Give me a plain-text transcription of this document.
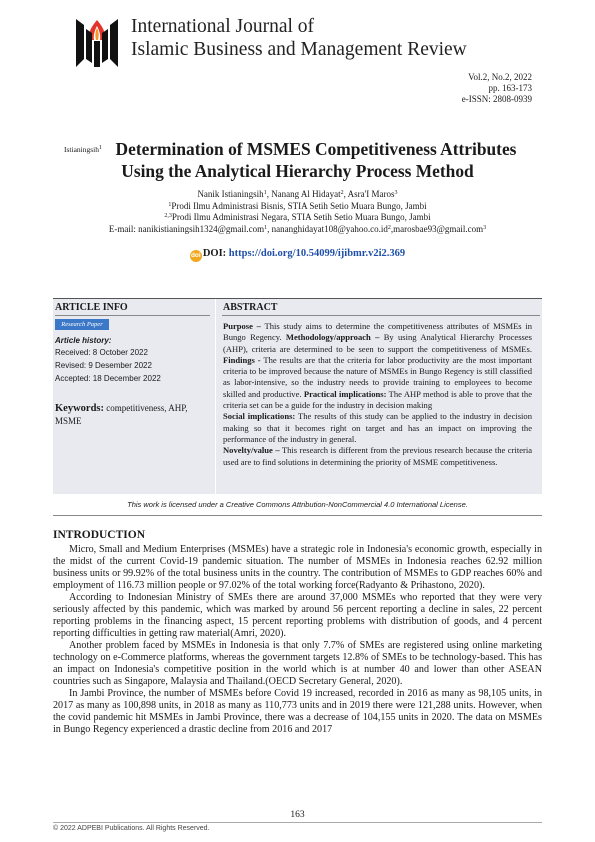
International Journal of
Islamic Business and Management Review
Vol.2, No.2, 2022
pp. 163-173
e-ISSN: 2808-0939
Istianingsih$^1$ Determination of MSMES Competitiveness Attributes
Using the Analytical Hierarchy Process Method
Nanik Istianingsih$^1$, Nanang Al Hidayat$^2$, Asra'I Maros$^3$
$^1$Prodi Ilmu Administrasi Bisnis, STIA Setih Setio Muara Bungo, Jambi
$^{2,3}$Prodi Ilmu Administrasi Negara, STIA Setih Setio Muara Bungo, Jambi
E-mail: nanikistianingsih1324@gmail.com$^1$, $nananghidayat108@yahoo.co.id^2,marosbae93@gmail.com^3$
doi DOI: https://doi.org/10.54099/ijibmr.v2i2.369
ARTICLE INFO	ABSTRACT
Research Paper
Article history:
Received: 8 October 2022
Revised: 9 Desember 2022
Accepted: 18 December 2022
Keywords: competitiveness, AHP, MSME

Purpose – This study aims to determine the competitiveness attributes of MSMEs in Bungo Regency. Methodology/approach – By using Analytical Hierarchy Processes (AHP), criteria are determined to be seen to support the competitiveness of MSMEs. Findings - The results are that the criteria for labor productivity are the most important criteria to be improved because the nature of MSMEs in Bungo Regency is still classified as labor-intensive, so the industry needs to provide training to employees to become skilled and productive. Practical implications: The AHP method is able to prove that the criteria set can be a guide for the industry in decision making

Social implications: The results of this study can be applied to the industry in decision making so that it becomes right on target and has an impact on improving the performance of the industry in general.

Novelty/value – This research is different from the previous research because the criteria used are to find solutions in determining the priority of MSME competitiveness.

This work is licensed under a Creative Commons Attribution-NonCommercial 4.0 International License.
INTRODUCTION

Micro, Small and Medium Enterprises (MSMEs) have a strategic role in Indonesia's economic growth, especially in the midst of the current Covid-19 pandemic situation. The number of MSMEs in Indonesia reaches 62.92 million business units or 99.92% of the total business units in the country. The contribution of MSMEs to GDP reaches 60% and employment of 116.73 million people or 97.02% of the total working force(Radyanto & Prihastono, 2020).

According to Indonesian Ministry of SMEs there are around 37,000 MSMEs who reported that they were very seriously affected by this pandemic, which was marked by around 56 percent reporting a decline in sales, 22 percent reporting problems in the financing aspect, 15 percent reporting problems with distribution of goods, and 4 percent reporting difficulties in getting raw material(Amri, 2020).

Another problem faced by MSMEs in Indonesia is that only 7.7% of SMEs are registered using online marketing technology on e-Commerce platforms, whereas the government targets 12.8% of SMEs to be technology-based. This has an impact on Indonesia's competitive position in the world which is at number 40 and lower than other ASEAN countries such as Singapore, Malaysia and Thailand.(OECD Secretary General, 2020).

In Jambi Province, the number of MSMEs before Covid 19 increased, recorded in 2016 as many as 98,105 units, in 2017 as many as 100,898 units, in 2018 as many as 110,773 units and in 2019 there were 121,288 units. However, when the covid pandemic hit MSMEs in Jambi Province, there was a decrease of 104,155 units in 2020. The data on MSMEs in Bungo Regency experienced a drastic decline from 2016 and 2017

163
© 2022 ADPEBI Publications. All Rights Reserved.
